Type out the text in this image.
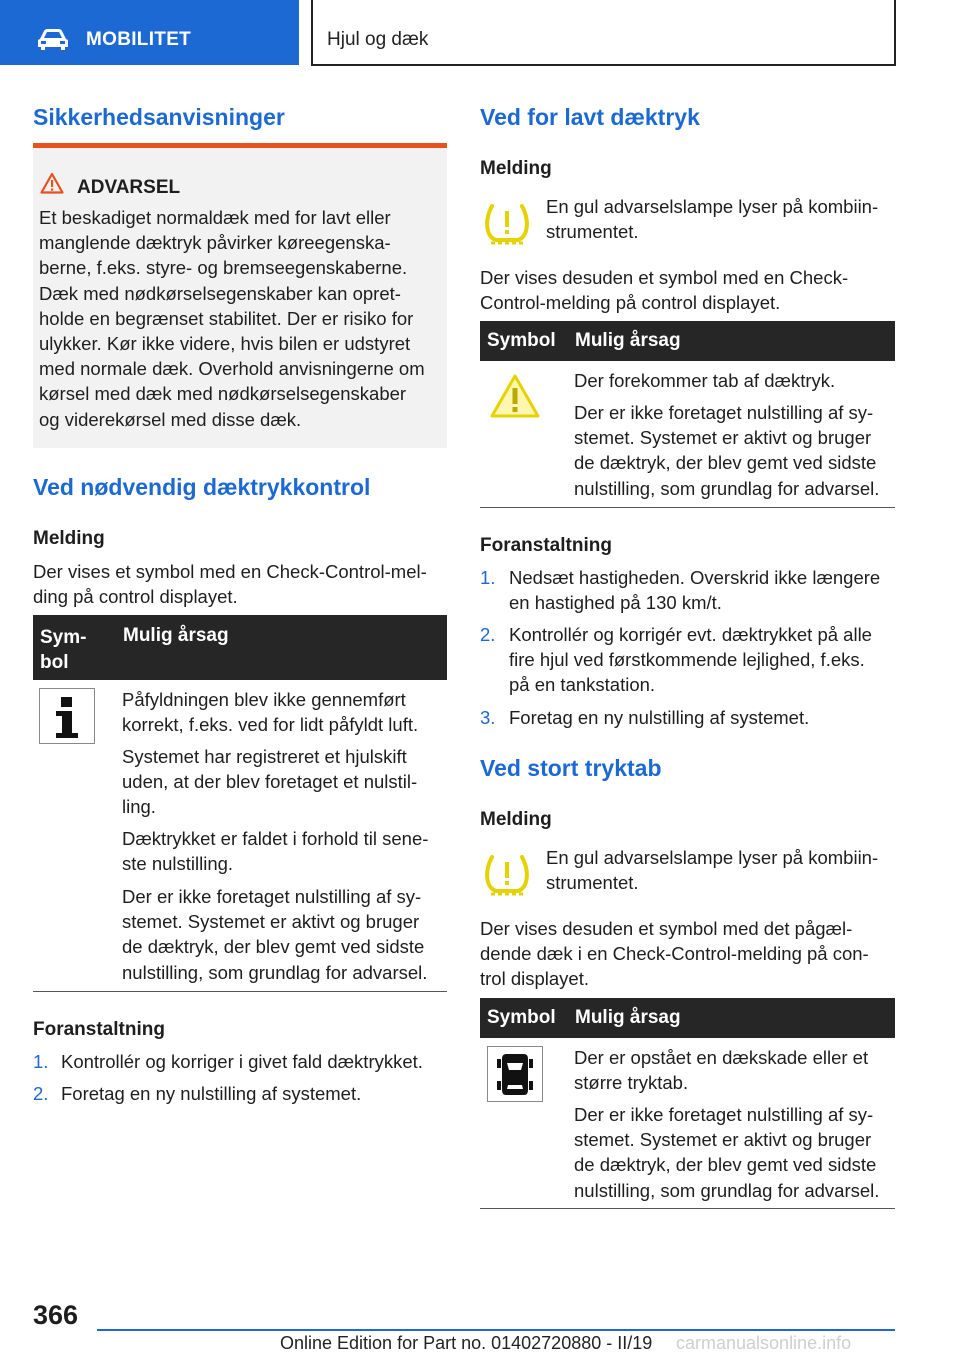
MOBILITET	Hjul og dæk
Sikkerhedsanvisninger
ADVARSEL
Et beskadiget normaldæk med for lavt eller
manglende dæktryk påvirker køreegenska-
berne, f.eks. styre- og bremseegenskaberne.
Dæk med nødkørselsegenskaber kan opret-
holde en begrænset stabilitet. Der er risiko for
ulykker. Kør ikke videre, hvis bilen er udstyret
med normale dæk. Overhold anvisningerne om
kørsel med dæk med nødkørselsegenskaber
og viderekørsel med disse dæk.
Ved nødvendig dæktrykkontrol
Melding
Der vises et symbol med en Check-Control-mel-
ding på control displayet.
Sym-
bol
Mulig årsag
Påfyldningen blev ikke gennemført
korrekt, f.eks. ved for lidt påfyldt luft.
Systemet har registreret et hjulskift
uden, at der blev foretaget et nulstil-
ling.
Dæktrykket er faldet i forhold til sene-
ste nulstilling.
Der er ikke foretaget nulstilling af sy-
stemet. Systemet er aktivt og bruger
de dæktryk, der blev gemt ved sidste
nulstilling, som grundlag for advarsel.
Foranstaltning
1. Kontrollér og korriger i givet fald dæktrykket.
2. Foretag en ny nulstilling af systemet.
Ved for lavt dæktryk
Melding
En gul advarselslampe lyser på kombiin-
strumentet.
Der vises desuden et symbol med en Check-
Control-melding på control displayet.
Symbol Mulig årsag
Der forekommer tab af dæktryk.
Der er ikke foretaget nulstilling af sy-
stemet. Systemet er aktivt og bruger
de dæktryk, der blev gemt ved sidste
nulstilling, som grundlag for advarsel.
Foranstaltning
1. Nedsæt hastigheden. Overskrid ikke længere
en hastighed på 130 km/t.
2. Kontrollér og korrigér evt. dæktrykket på alle
fire hjul ved førstkommende lejlighed, f.eks.
på en tankstation.
3. Foretag en ny nulstilling af systemet.
Ved stort tryktab
Melding
En gul advarselslampe lyser på kombiin-
strumentet.
Der vises desuden et symbol med det pågæl-
dende dæk i en Check-Control-melding på con-
trol displayet.
Symbol Mulig årsag
Der er opstået en dækskade eller et
større tryktab.
Der er ikke foretaget nulstilling af sy-
stemet. Systemet er aktivt og bruger
de dæktryk, der blev gemt ved sidste
nulstilling, som grundlag for advarsel.
366
Online Edition for Part no. 01402720880 - II/19 carmanualsonline.info
